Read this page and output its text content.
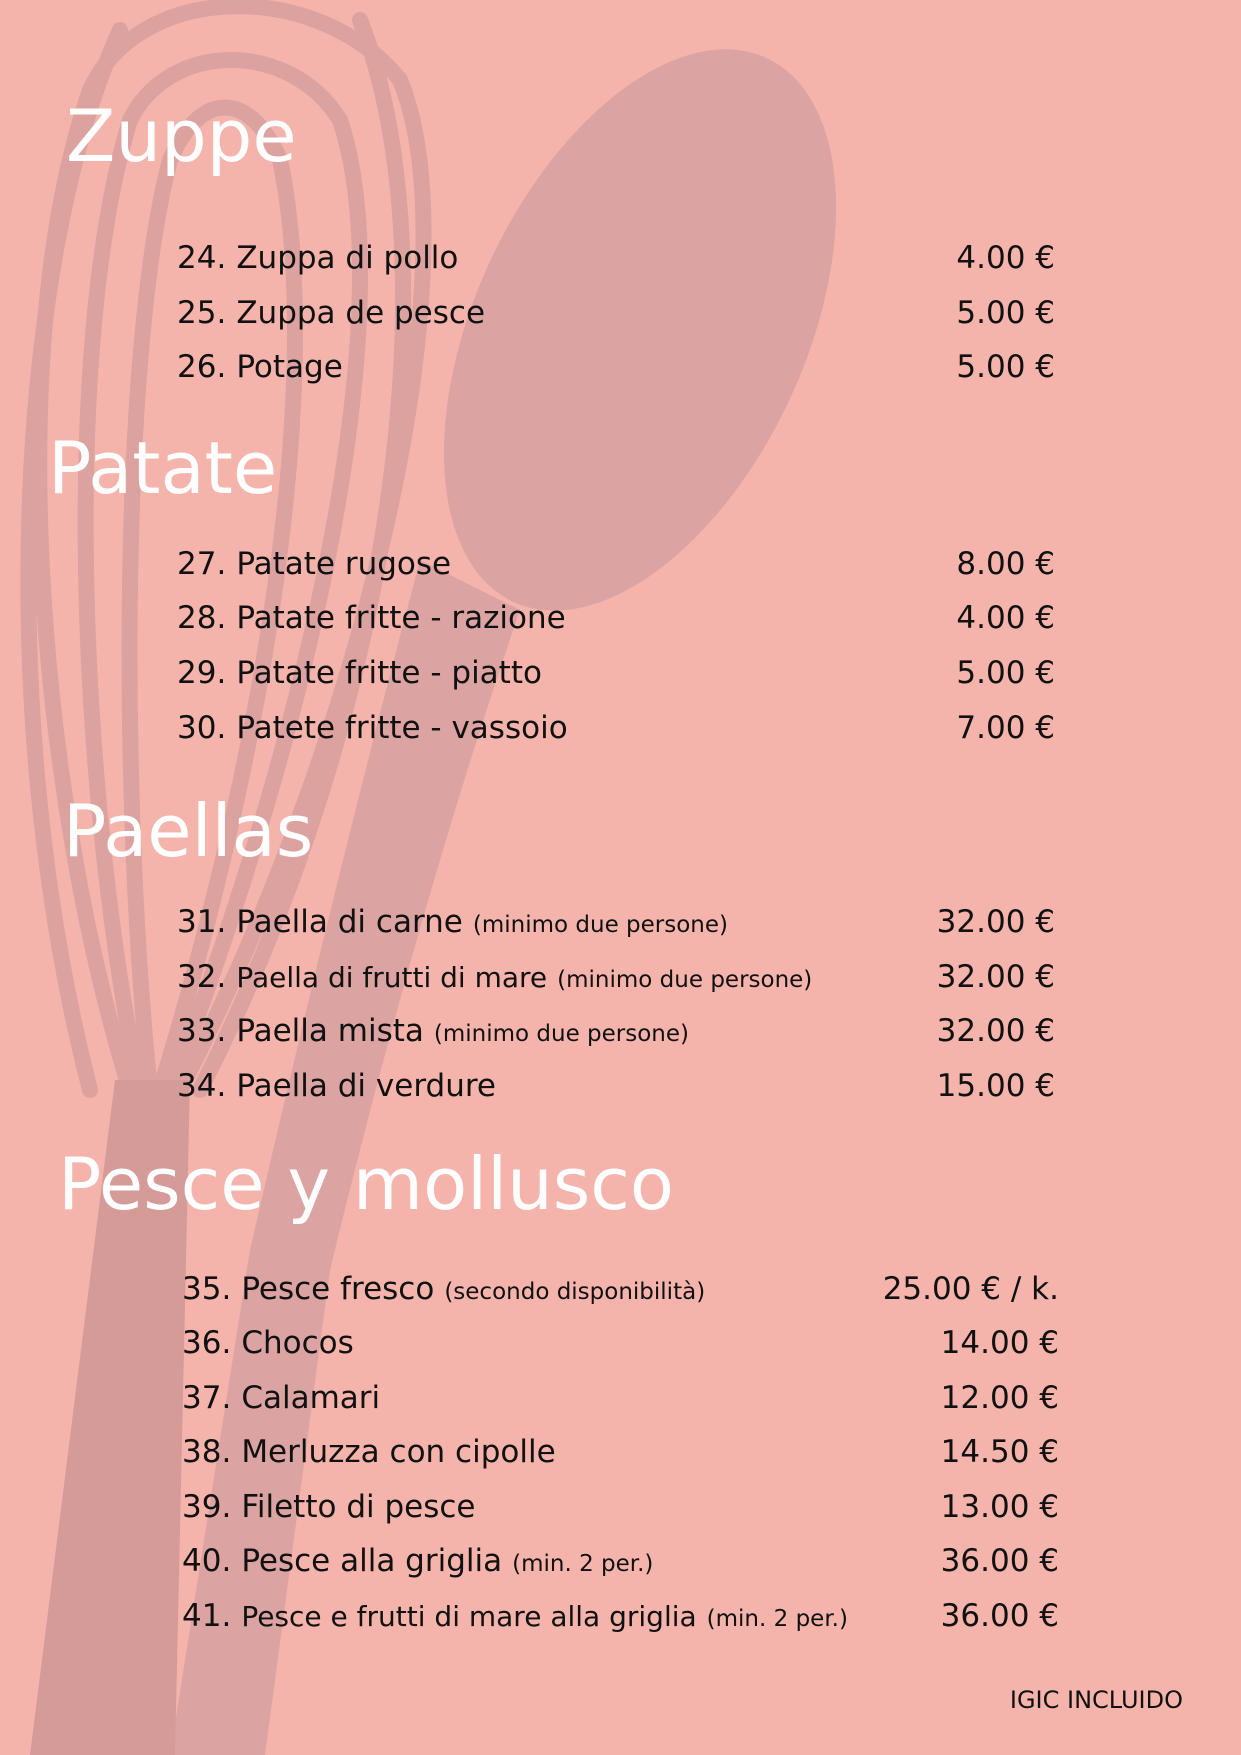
Zuppe
24. Zuppa di pollo	4.00 €
25. Zuppa de pesce	5.00 €
26. Potage	5.00 €
Patate
27. Patate rugose	8.00 €
28. Patate fritte - razione	4.00 €
29. Patate fritte - piatto	5.00 €
30. Patete fritte - vassoio	7.00 €
Paellas
31. Paella di carne (minimo due persone)	32.00 €
32. Paella di frutti di mare (minimo due persone)	32.00 €
33. Paella mista (minimo due persone)	32.00 €
34. Paella di verdure	15.00 €
Pesce y mollusco
35. Pesce fresco (secondo disponibilità)	25.00 € / k.
36. Chocos	14.00 €
37. Calamari	12.00 €
38. Merluzza con cipolle	14.50 €
39. Filetto di pesce	13.00 €
40. Pesce alla griglia (min. 2 per.)	36.00 €
41. Pesce e frutti di mare alla griglia (min. 2 per.)	36.00 €
IGIC INCLUIDO
